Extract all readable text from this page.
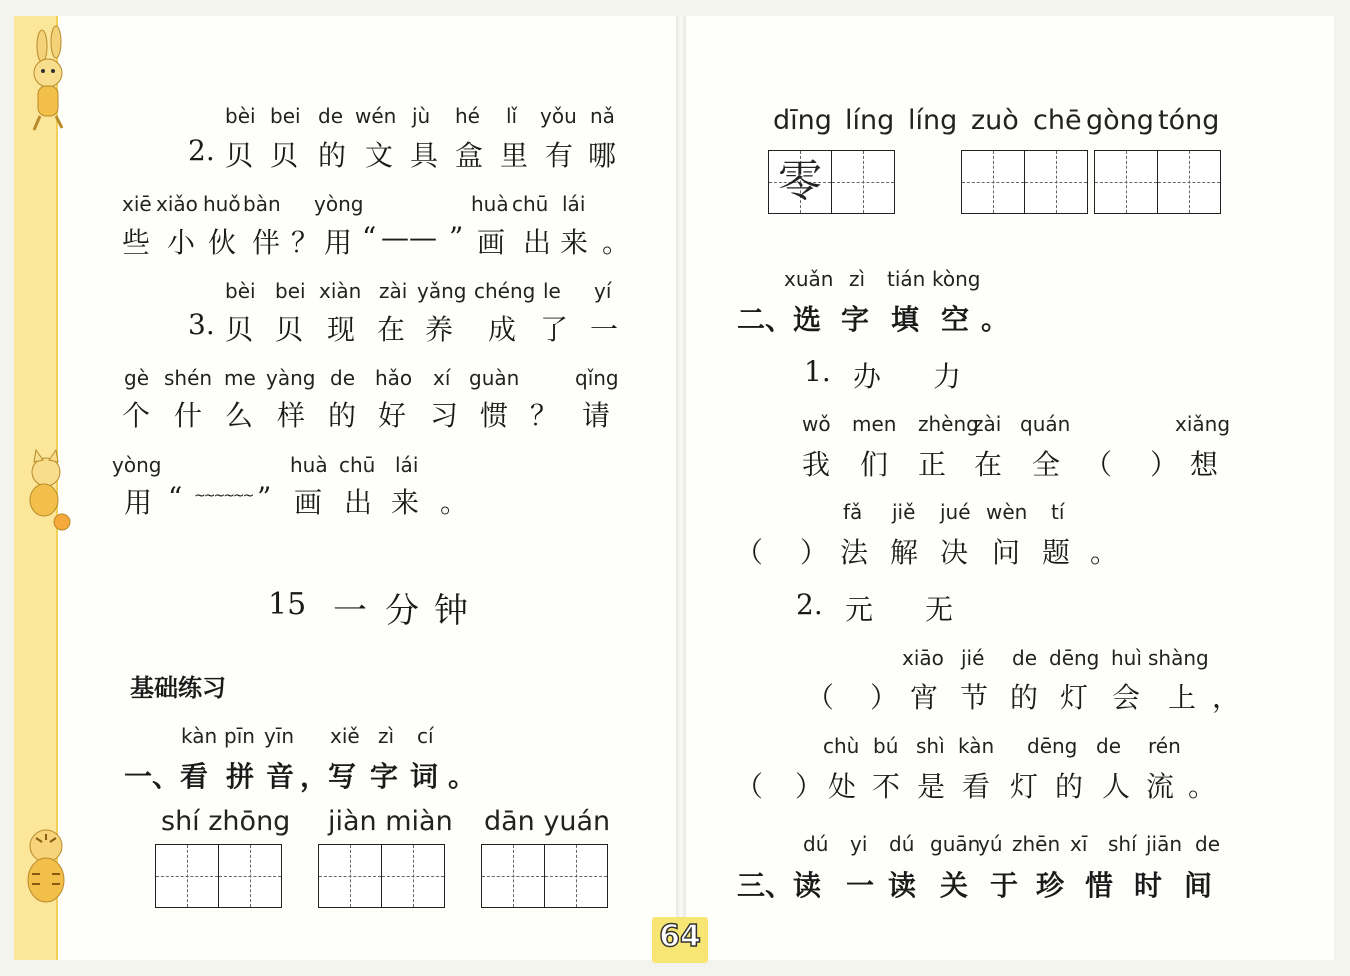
bèi bei de wén jù hé lǐ yǒu nǎ
2. 贝 贝 的 文 具 盒 里 有 哪
xiē xiǎo huǒ bàn yòng	huà chū lái
些 小 伙 伴 ？ 用 “ —— ” 画 出 来 。
bèi bei xiàn zài yǎng chéng le yí
3. 贝 贝 现 在 养 成 了 一
gè shén me yàng de hǎo xí guàn	qǐng
个 什 么 样 的 好 习 惯 ？ 请
yòng	huà chū lái
用 “ ~~~~~~ ” 画 出 来 。
15 一 分 钟
基础练习
kàn pīn yīn xiě zì cí
一、看 拼 音 ，写 字 词 。
shí zhōng jiàn miàn dān yuán
dīng líng líng zuò chē gòng tóng
零
xuǎn zì tián kòng
二、选 字 填 空 。
1. 办 力
wǒ men zhèng
zài quán	xiǎng
我 们 正 在 全 （ ） 想
fǎ jiě jué wèn tí
（ ） 法 解 决 问 题 。
2. 元 无
xiāo jié de dēng huì shàng
（ ） 宵 节 的 灯 会 上 ，
chù bú shì kàn dēng de rén
（ ） 处 不 是 看 灯 的 人 流 。
dú yi dú guān
yú zhēn xī shí jiān de
三、读 一 读 关 于 珍 惜 时 间
64
